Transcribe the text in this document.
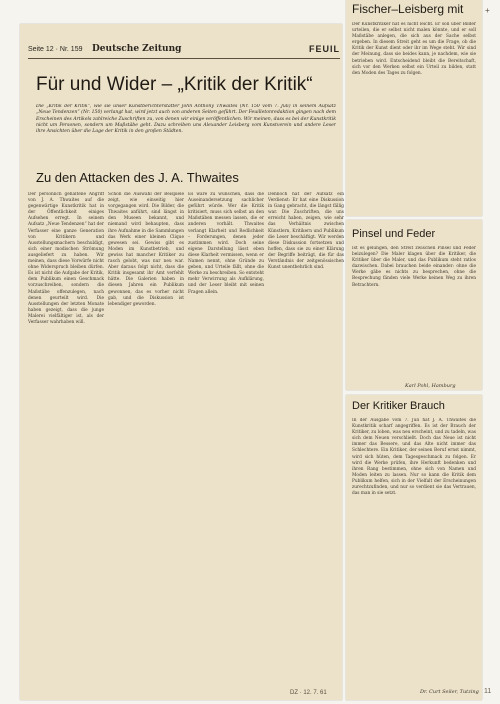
Seite 12 · Nr. 159 Deutsche Zeitung	FEUIL
Für und Wider – „Kritik der Kritik“
Die „Kritik der Kritik“, wie sie unser Kunstberichterstatter John Anthony Thwaites (Nr. 150 vom 7. Juli) in seinem Aufsatz „Neue Tendenzen“ (Nr. 150) verlangt hat, wird jetzt auch von anderen Seiten geführt. Der Feuilletonredaktion gingen nach dem Erscheinen des Artikels zahlreiche Zuschriften zu, von denen wir einige veröffentlichen. Wir meinen, dass es bei der Kunstkritik nicht um Personen, sondern um Maßstäbe geht. Dazu schreiben uns Alexander Leisberg vom Kunstverein und andere Leser ihre Ansichten über die Lage der Kritik in den großen Städten.
Zu den Attacken des J. A. Thwaites

Der persönlich gehaltene Angriff von J. A. Thwaites auf die gegenwärtige Kunstkritik hat in der Öffentlichkeit einiges Aufsehen erregt. In seinem Aufsatz „Neue Tendenzen“ hat der Verfasser eine ganze Generation von Kritikern und Ausstellungsmachern beschuldigt, sich einer modischen Strömung ausgeliefert zu haben. Wir meinen, dass diese Vorwürfe nicht ohne Widerspruch bleiben dürfen. Es ist nicht die Aufgabe der Kritik, dem Publikum einen Geschmack vorzuschreiben, sondern die Maßstäbe offenzulegen, nach denen geurteilt wird. Die Ausstellungen der letzten Monate haben gezeigt, dass die junge Malerei vielfältiger ist, als der Verfasser wahrhaben will.

Schon die Auswahl der Beispiele zeigt, wie einseitig hier vorgegangen wird. Die Bilder, die Thwaites anführt, sind längst in den Museen bekannt, und niemand wird behaupten, dass ihre Aufnahme in die Sammlungen das Werk einer kleinen Clique gewesen sei. Gewiss gibt es Moden im Kunstbetrieb, und gewiss hat mancher Kritiker zu rasch gelobt, was nur neu war. Aber daraus folgt nicht, dass die Kritik insgesamt ihr Amt verfehlt hätte. Die Galerien haben in diesen Jahren ein Publikum gewonnen, das es vorher nicht gab, und die Diskussion ist lebendiger geworden.

Es wäre zu wünschen, dass die Auseinandersetzung sachlicher geführt würde. Wer die Kritik kritisiert, muss sich selbst an den Maßstäben messen lassen, die er anderen vorhält. Thwaites verlangt Klarheit und Redlichkeit – Forderungen, denen jeder zustimmen wird. Doch seine eigene Darstellung lässt eben diese Klarheit vermissen, wenn er Namen nennt, ohne Gründe zu geben, und Urteile fällt, ohne die Werke zu beschreiben. So entsteht mehr Verwirrung als Aufklärung, und der Leser bleibt mit seinen Fragen allein.

Dennoch hat der Aufsatz ein Verdienst: Er hat eine Diskussion in Gang gebracht, die längst fällig war. Die Zuschriften, die uns erreicht haben, zeigen, wie sehr das Verhältnis zwischen Künstlern, Kritikern und Publikum die Leser beschäftigt. Wir werden diese Diskussion fortsetzen und hoffen, dass sie zu einer Klärung der Begriffe beiträgt, die für das Verständnis der zeitgenössischen Kunst unentbehrlich sind.

Fischer–Leisberg mit

Der Kunstkritiker hat es nicht leicht. Er soll über Bilder urteilen, die er selbst nicht malen könnte, und er soll Maßstäbe anlegen, die sich aus der Sache selbst ergeben. In diesem Streit geht es um die Frage, ob die Kritik der Kunst dient oder ihr im Wege steht. Wir sind der Meinung, dass sie beides kann, je nachdem, wie sie betrieben wird. Entscheidend bleibt die Bereitschaft, sich vor den Werken selbst ein Urteil zu bilden, statt den Moden des Tages zu folgen.

Pinsel und Feder

Ist es gelungen, den Streit zwischen Pinsel und Feder beizulegen? Die Maler klagen über die Kritiker, die Kritiker über die Maler, und das Publikum steht ratlos dazwischen. Dabei brauchen beide einander: ohne die Werke gäbe es nichts zu besprechen, ohne die Besprechung fänden viele Werke keinen Weg zu ihren Betrachtern.

Karl Pohl, Hamburg
Der Kritiker Brauch

In der Ausgabe vom 7. Juli hat J. A. Thwaites die Kunstkritik scharf angegriffen. Es ist der Brauch der Kritiker, zu loben, was neu erscheint, und zu tadeln, was sich dem Neuen verschließt. Doch das Neue ist nicht immer das Bessere, und das Alte nicht immer das Schlechtere. Ein Kritiker, der seinen Beruf ernst nimmt, wird sich hüten, dem Tagesgeschmack zu folgen. Er wird die Werke prüfen, ihre Herkunft bedenken und ihren Rang bestimmen, ohne sich von Namen und Moden leiten zu lassen. Nur so kann die Kritik dem Publikum helfen, sich in der Vielfalt der Erscheinungen zurechtzufinden, und nur so verdient sie das Vertrauen, das man in sie setzt.

Dr. Curt Seiler, Tutzing
DZ · 12. 7. 61
+
11
